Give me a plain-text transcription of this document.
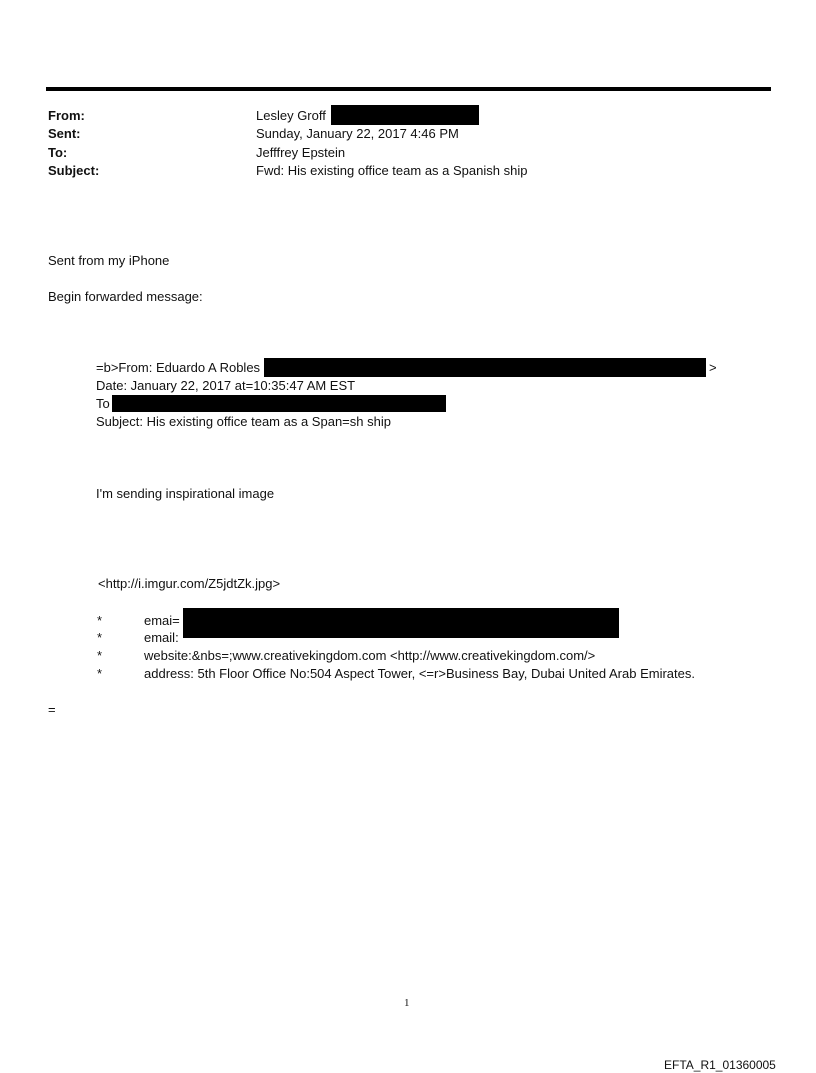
From:	Lesley Groff
Sent:	Sunday, January 22, 2017 4:46 PM
To:	Jefffrey Epstein
Subject:	Fwd: His existing office team as a Spanish ship
Sent from my iPhone
Begin forwarded message:
=b>From: Eduardo A Robles	>
Date: January 22, 2017 at=10:35:47 AM EST
To
Subject: His existing office team as a Span=sh ship
I'm sending inspirational image
<http://i.imgur.com/Z5jdtZk.jpg>
*	emai=
*	email:
*	website:&nbs=;www.creativekingdom.com <http://www.creativekingdom.com/>
*	address: 5th Floor Office No:504 Aspect Tower, <=r>Business Bay, Dubai United Arab Emirates.
=
1
EFTA_R1_01360005
